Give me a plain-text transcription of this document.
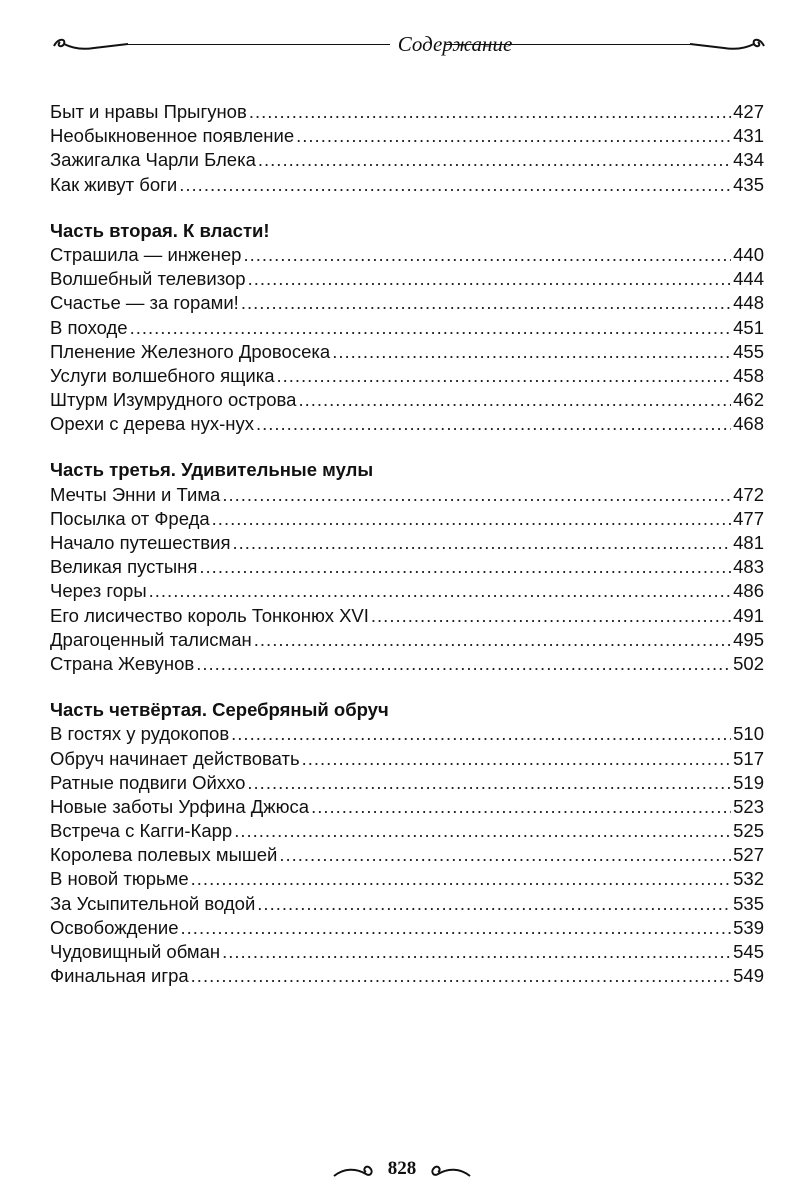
Содержание
Быт и нравы Прыгунов .....	427
Необыкновенное появление .....	431
Зажигалка Чарли Блека .....	434
Как живут боги .....	435
Часть вторая. К власти!
Страшила — инженер .....	440
Волшебный телевизор .....	444
Счастье — за горами! .....	448
В походе .....	451
Пленение Железного Дровосека .....	455
Услуги волшебного ящика .....	458
Штурм Изумрудного острова .....	462
Орехи с дерева нух-нух .....	468
Часть третья. Удивительные мулы
Мечты Энни и Тима .....	472
Посылка от Фреда .....	477
Начало путешествия .....	481
Великая пустыня .....	483
Через горы .....	486
Его лисичество король Тонконюх XVI .....	491
Драгоценный талисман .....	495
Страна Жевунов .....	502
Часть четвёртая. Серебряный обруч
В гостях у рудокопов .....	510
Обруч начинает действовать .....	517
Ратные подвиги Ойххо .....	519
Новые заботы Урфина Джюса .....	523
Встреча с Кагги-Карр .....	525
Королева полевых мышей .....	527
В новой тюрьме .....	532
За Усыпительной водой .....	535
Освобождение .....	539
Чудовищный обман .....	545
Финальная игра .....	549
828
